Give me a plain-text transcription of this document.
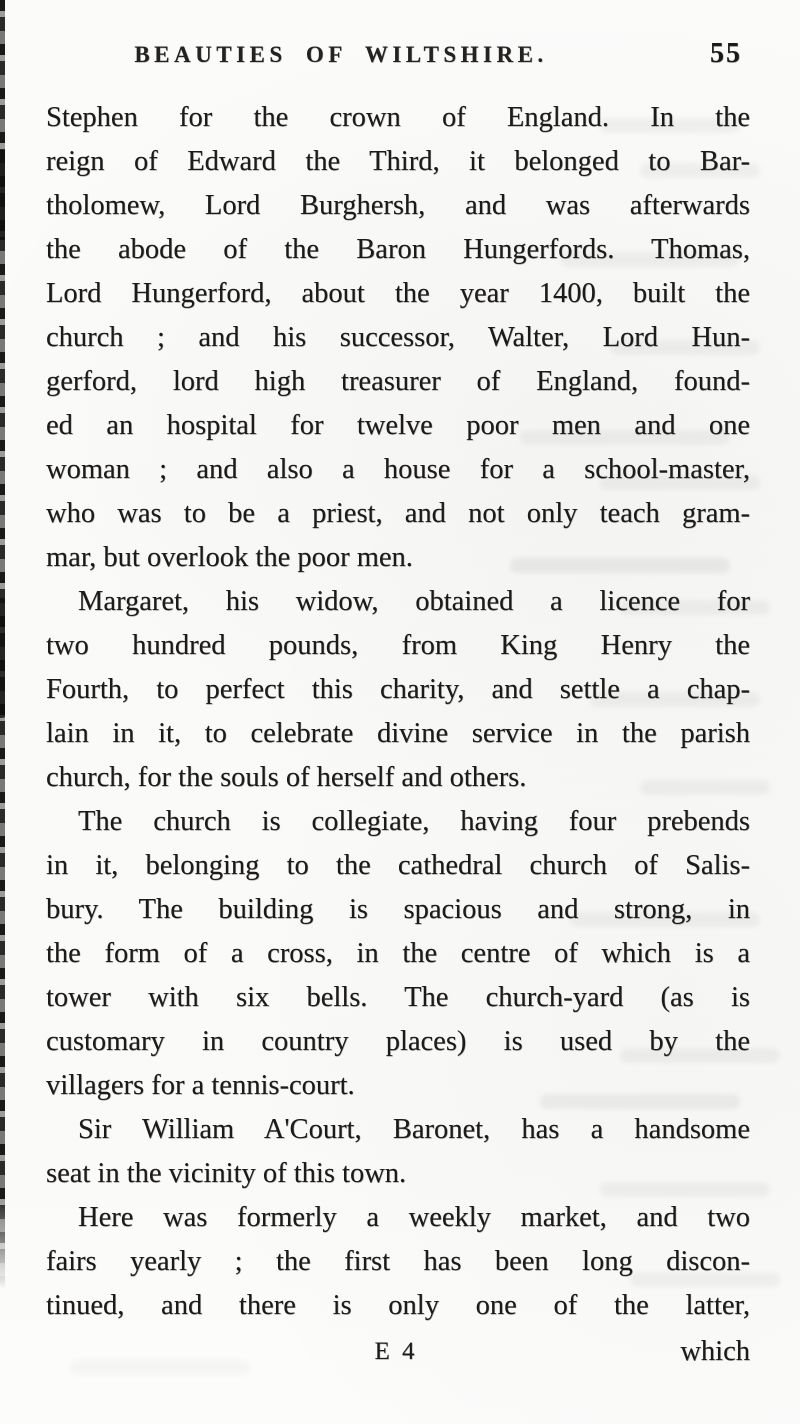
BEAUTIES OF WILTSHIRE.	55
Stephen for the crown of England. In the
reign of Edward the Third, it belonged to Bar-
tholomew, Lord Burghersh, and was afterwards
the abode of the Baron Hungerfords. Thomas,
Lord Hungerford, about the year 1400, built the
church ; and his successor, Walter, Lord Hun-
gerford, lord high treasurer of England, found-
ed an hospital for twelve poor men and one
woman ; and also a house for a school-master,
who was to be a priest, and not only teach gram-
mar, but overlook the poor men.
Margaret, his widow, obtained a licence for
two hundred pounds, from King Henry the
Fourth, to perfect this charity, and settle a chap-
lain in it, to celebrate divine service in the parish
church, for the souls of herself and others.
The church is collegiate, having four prebends
in it, belonging to the cathedral church of Salis-
bury. The building is spacious and strong, in
the form of a cross, in the centre of which is a
tower with six bells. The church-yard (as is
customary in country places) is used by the
villagers for a tennis-court.
Sir William A'Court, Baronet, has a handsome
seat in the vicinity of this town.
Here was formerly a weekly market, and two
fairs yearly ; the first has been long discon-
tinued, and there is only one of the latter,
E 4	which
